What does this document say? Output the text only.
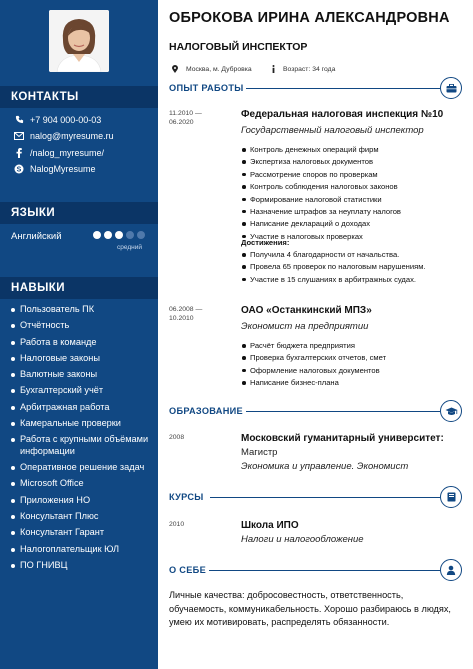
КОНТАКТЫ
+7 904 000-00-03
nalog@myresume.ru
/nalog_myresume/
S NalogMyresume
ЯЗЫКИ
Английский
средний
НАВЫКИ
Пользователь ПК
Отчётность
Работа в команде
Налоговые законы
Валютные законы
Бухгалтерский учёт
Арбитражная работа
Камеральные проверки
Работа с крупными объёмами информации
Оперативное решение задач
Microsoft Office
Приложения НО
Консультант Плюс
Консультант Гарант
Налогоплательщик ЮЛ
ПО ГНИВЦ
ОБРОКОВА ИРИНА АЛЕКСАНДРОВНА
НАЛОГОВЫЙ ИНСПЕКТОР
Москва, м. Дубровка	Возраст: 34 года
ОПЫТ РАБОТЫ
11.2010 —
06.2020
Федеральная налоговая инспекция №10
Государственный налоговый инспектор
Контроль денежных операций фирм
Экспертиза налоговых документов
Рассмотрение споров по проверкам
Контроль соблюдения налоговых законов
Формирование налоговой статистики
Назначение штрафов за неуплату налогов
Написание деклараций о доходах
Участие в налоговых проверках
Достижения:
Получила 4 благодарности от начальства.
Провела 65 проверок по налоговым нарушениям.
Участие в 15 слушаниях в арбитражных судах.
06.2008 —
10.2010
ОАО «Останкинский МПЗ»
Экономист на предприятии
Расчёт бюджета предприятия
Проверка бухгалтерских отчетов, смет
Оформление налоговых документов
Написание бизнес-плана
ОБРАЗОВАНИЕ
2008	Московский гуманитарный университет:
Магистр
Экономика и управление. Экономист
КУРСЫ
2010	Школа ИПО
Налоги и налогообложение
О СЕБЕ
Личные качества: добросовестность, ответственность, обучаемость, коммуникабельность. Хорошо разбираюсь в людях, умею их мотивировать, распределять обязанности.
